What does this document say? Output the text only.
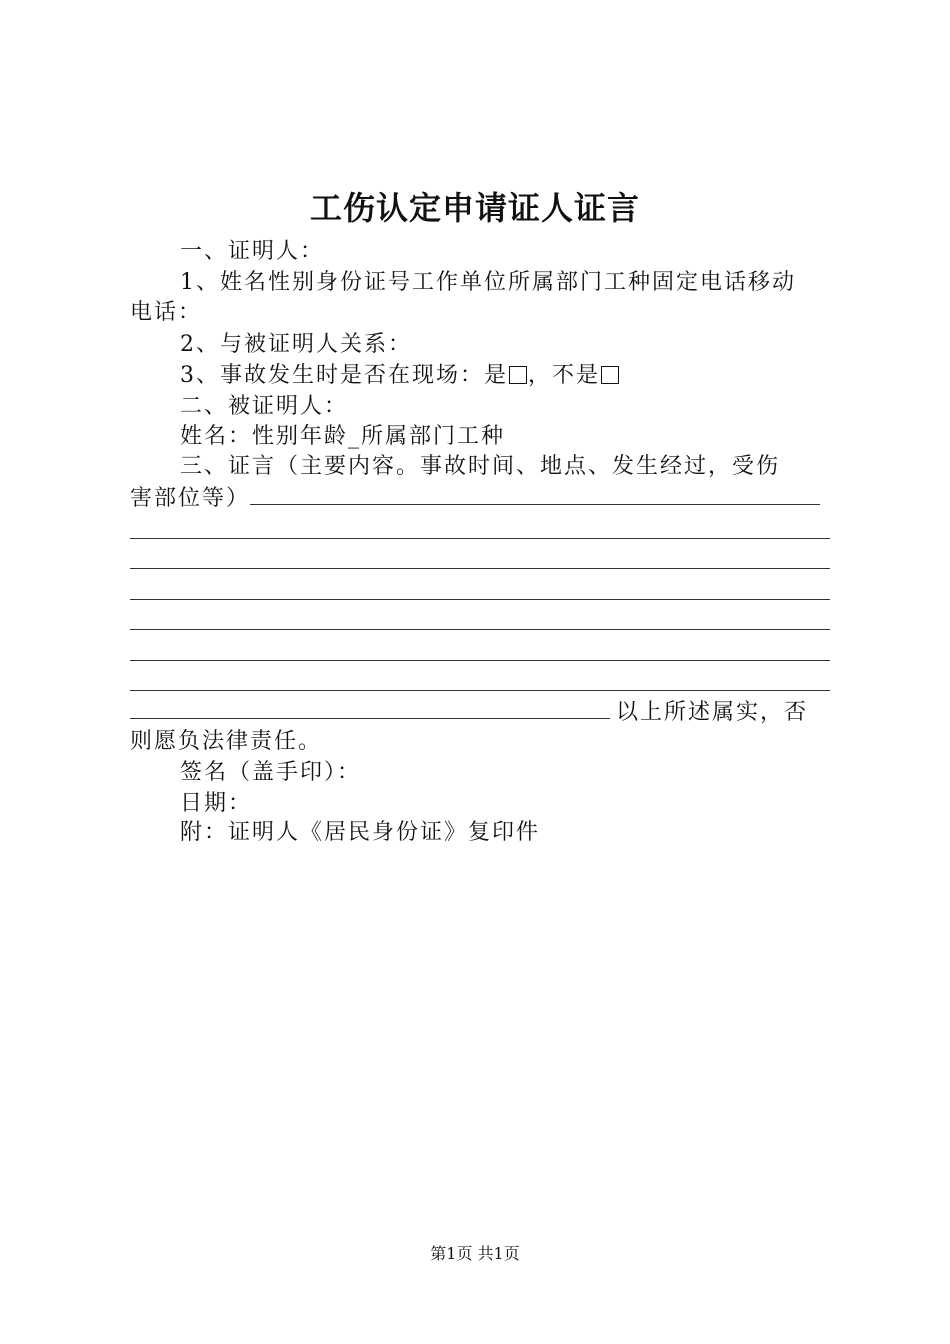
工伤认定申请证人证言
一、证明人：
1、姓名性别身份证号工作单位所属部门工种固定电话移动
电话：
2、与被证明人关系：
3、事故发生时是否在现场：是 ，不是
二、被证明人：
姓名：性别年龄_所属部门工种
三、证言（主要内容。事故时间、地点、发生经过，受伤
害部位等）
以上所述属实，否
则愿负法律责任。
签名（盖手印）：
日期：
附：证明人《居民身份证》复印件
第1页 共1页
